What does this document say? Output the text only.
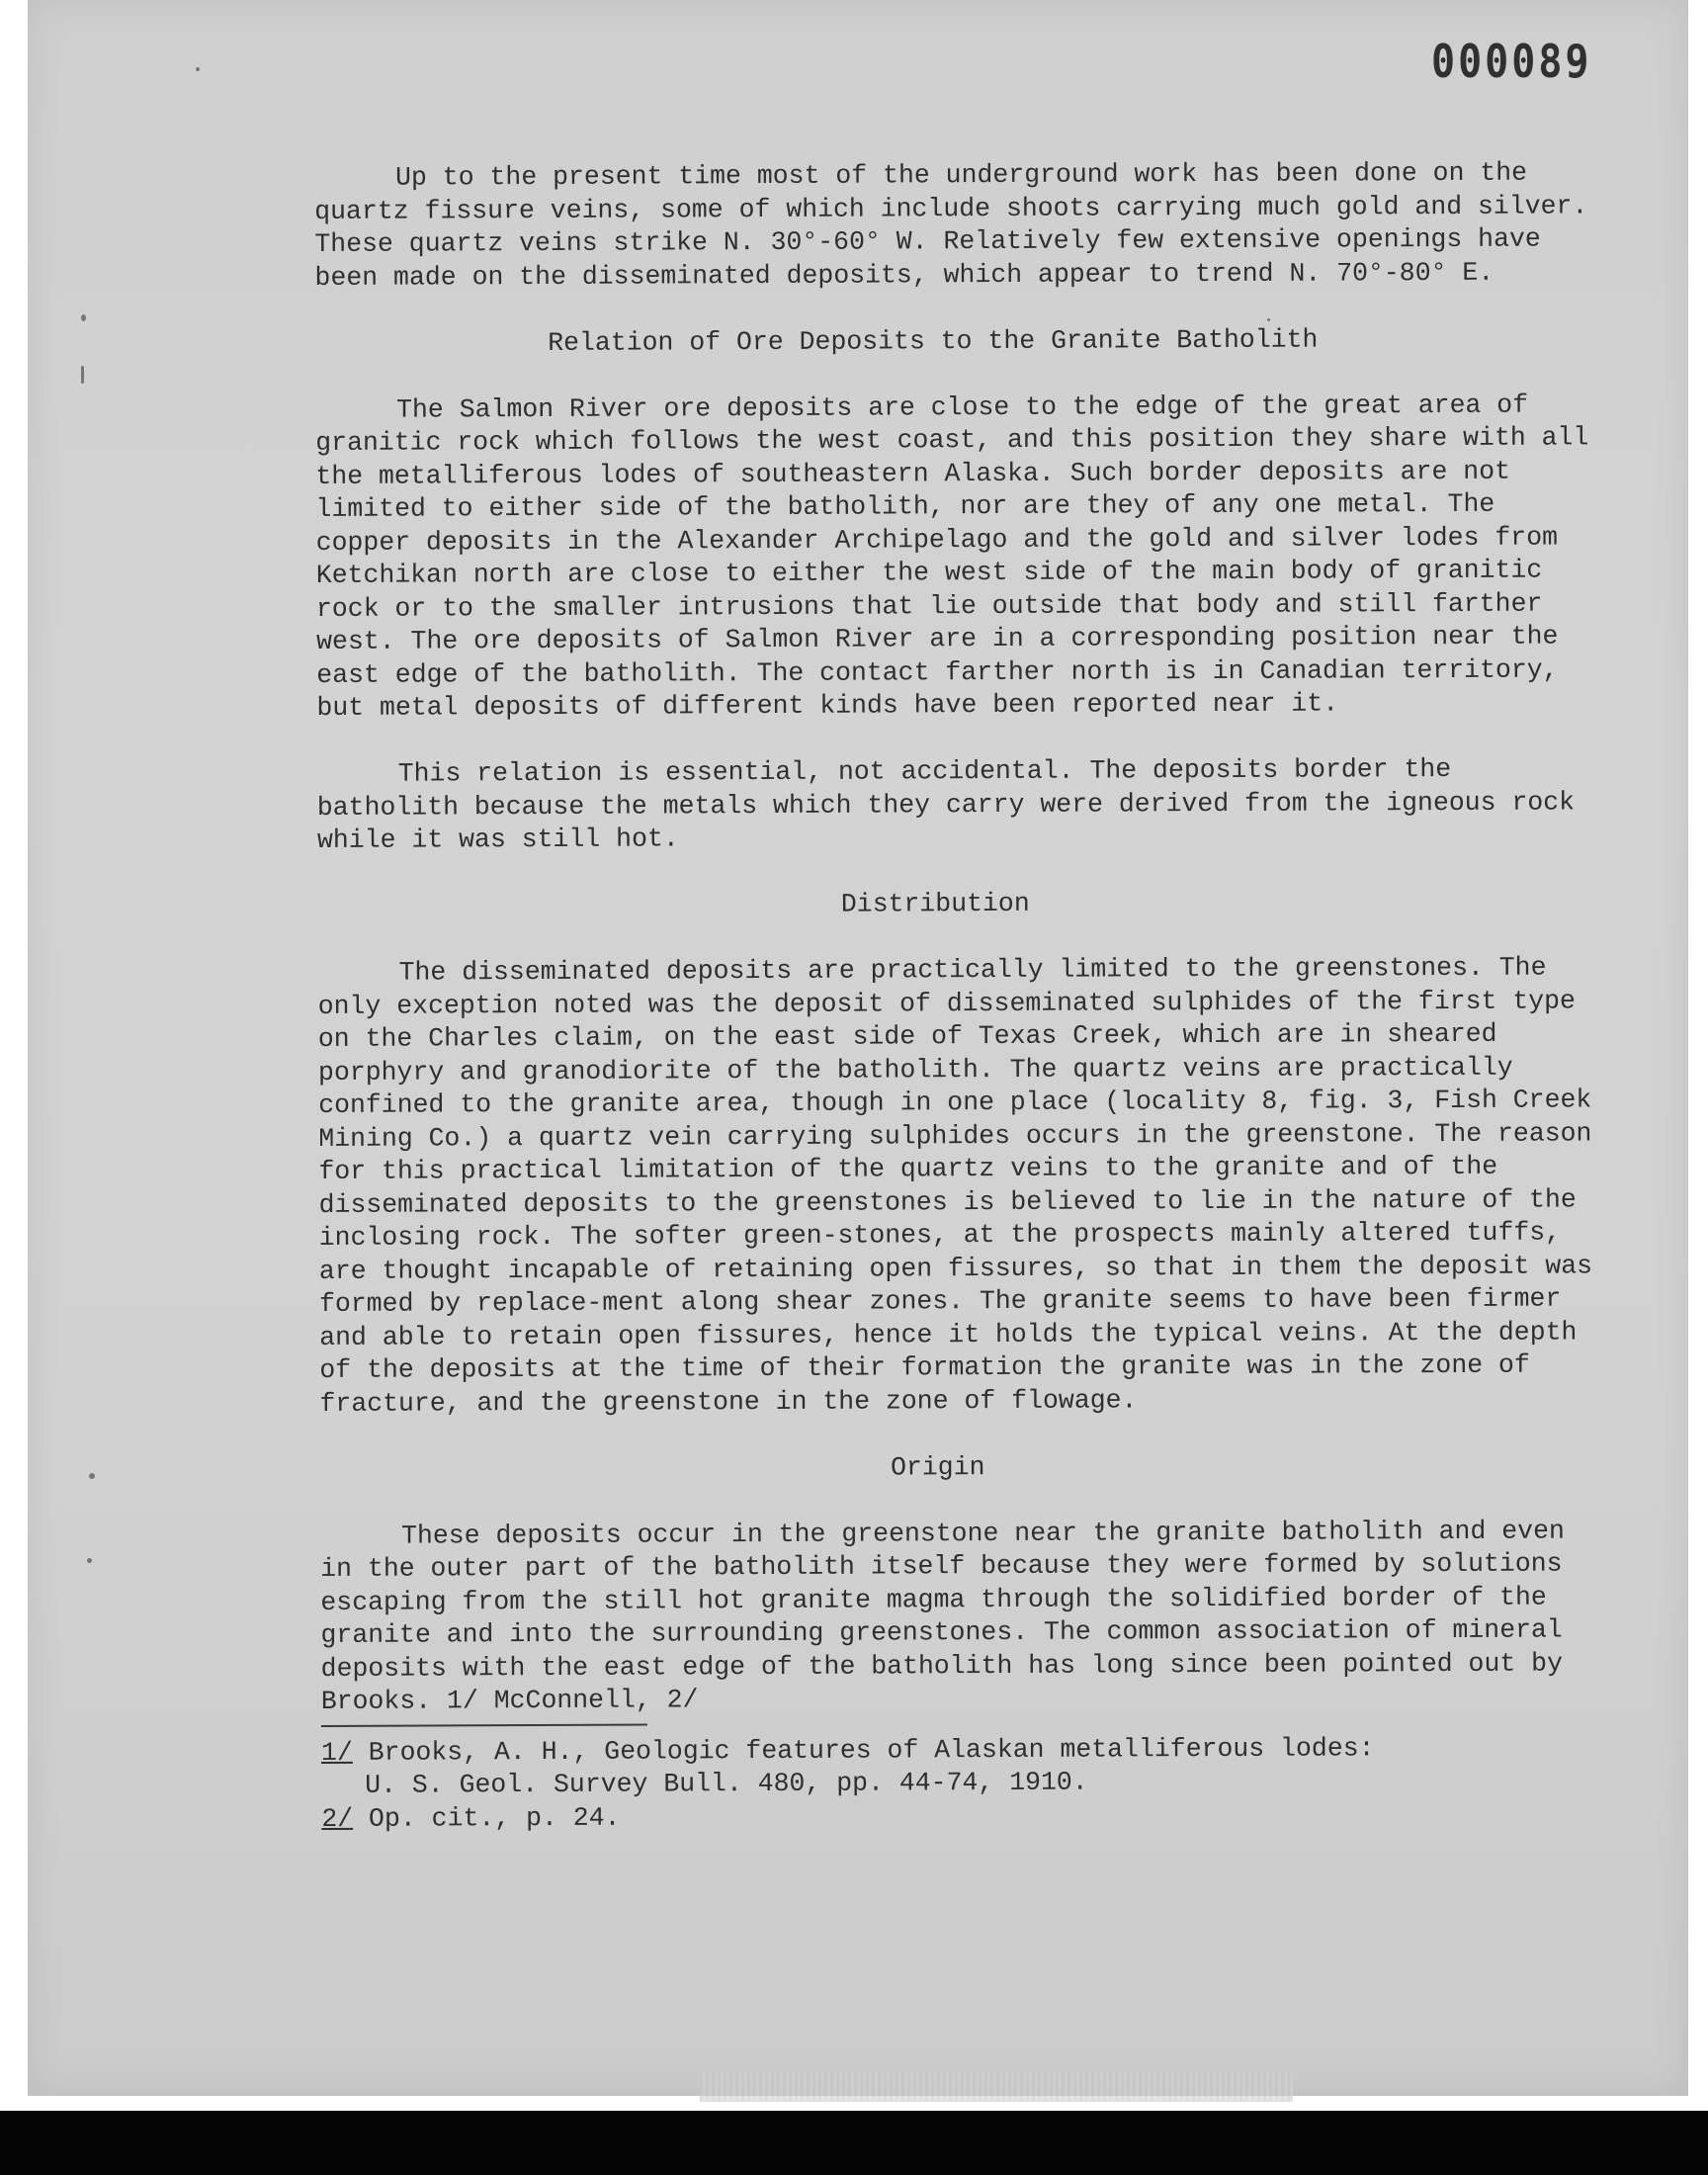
000089

Up to the present time most of the underground work has been done on the quartz fissure veins, some of which include shoots carrying much gold and silver. These quartz veins strike N. 30°-60° W. Relatively few extensive openings have been made on the disseminated deposits, which appear to trend N. 70°-80° E.

Relation of Ore Deposits to the Granite Batholith

The Salmon River ore deposits are close to the edge of the great area of granitic rock which follows the west coast, and this position they share with all the metalliferous lodes of southeastern Alaska. Such border deposits are not limited to either side of the batholith, nor are they of any one metal. The copper deposits in the Alexander Archipelago and the gold and silver lodes from Ketchikan north are close to either the west side of the main body of granitic rock or to the smaller intrusions that lie outside that body and still farther west. The ore deposits of Salmon River are in a corresponding position near the east edge of the batholith. The contact farther north is in Canadian territory, but metal deposits of different kinds have been reported near it.

This relation is essential, not accidental. The deposits border the batholith because the metals which they carry were derived from the igneous rock while it was still hot.

Distribution

The disseminated deposits are practically limited to the greenstones. The only exception noted was the deposit of disseminated sulphides of the first type on the Charles claim, on the east side of Texas Creek, which are in sheared porphyry and granodiorite of the batholith. The quartz veins are practically confined to the granite area, though in one place (locality 8, fig. 3, Fish Creek Mining Co.) a quartz vein carrying sulphides occurs in the greenstone. The reason for this practical limitation of the quartz veins to the granite and of the disseminated deposits to the greenstones is believed to lie in the nature of the inclosing rock. The softer green-stones, at the prospects mainly altered tuffs, are thought incapable of retaining open fissures, so that in them the deposit was formed by replace-ment along shear zones. The granite seems to have been firmer and able to retain open fissures, hence it holds the typical veins. At the depth of the deposits at the time of their formation the granite was in the zone of fracture, and the greenstone in the zone of flowage.

Origin

These deposits occur in the greenstone near the granite batholith and even in the outer part of the batholith itself because they were formed by solutions escaping from the still hot granite magma through the solidified border of the granite and into the surrounding greenstones. The common association of mineral deposits with the east edge of the batholith has long since been pointed out by Brooks. 1/ McConnell, 2/

1/ Brooks, A. H., Geologic features of Alaskan metalliferous lodes:
U. S. Geol. Survey Bull. 480, pp. 44-74, 1910.

2/ Op. cit., p. 24.
